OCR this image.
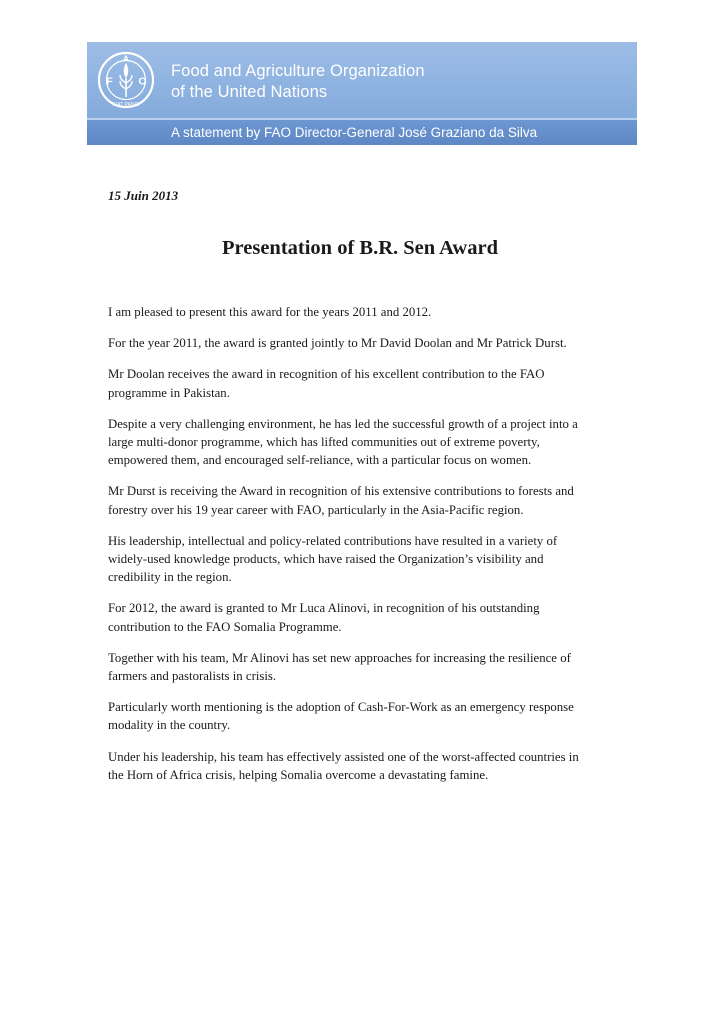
F
A
O
FIAT PANIS
Food and Agriculture Organization
of the United Nations
A statement by FAO Director-General José Graziano da Silva
15 Juin 2013
Presentation of B.R. Sen Award

I am pleased to present this award for the years 2011 and 2012.

For the year 2011, the award is granted jointly to Mr David Doolan and Mr Patrick Durst.

Mr Doolan receives the award in recognition of his excellent contribution to the FAO
programme in Pakistan.

Despite a very challenging environment, he has led the successful growth of a project into a
large multi-donor programme, which has lifted communities out of extreme poverty,
empowered them, and encouraged self-reliance, with a particular focus on women.

Mr Durst is receiving the Award in recognition of his extensive contributions to forests and
forestry over his 19 year career with FAO, particularly in the Asia-Pacific region.

His leadership, intellectual and policy-related contributions have resulted in a variety of
widely-used knowledge products, which have raised the Organization’s visibility and
credibility in the region.

For 2012, the award is granted to Mr Luca Alinovi, in recognition of his outstanding
contribution to the FAO Somalia Programme.

Together with his team, Mr Alinovi has set new approaches for increasing the resilience of
farmers and pastoralists in crisis.

Particularly worth mentioning is the adoption of Cash-For-Work as an emergency response
modality in the country.

Under his leadership, his team has effectively assisted one of the worst-affected countries in
the Horn of Africa crisis, helping Somalia overcome a devastating famine.
